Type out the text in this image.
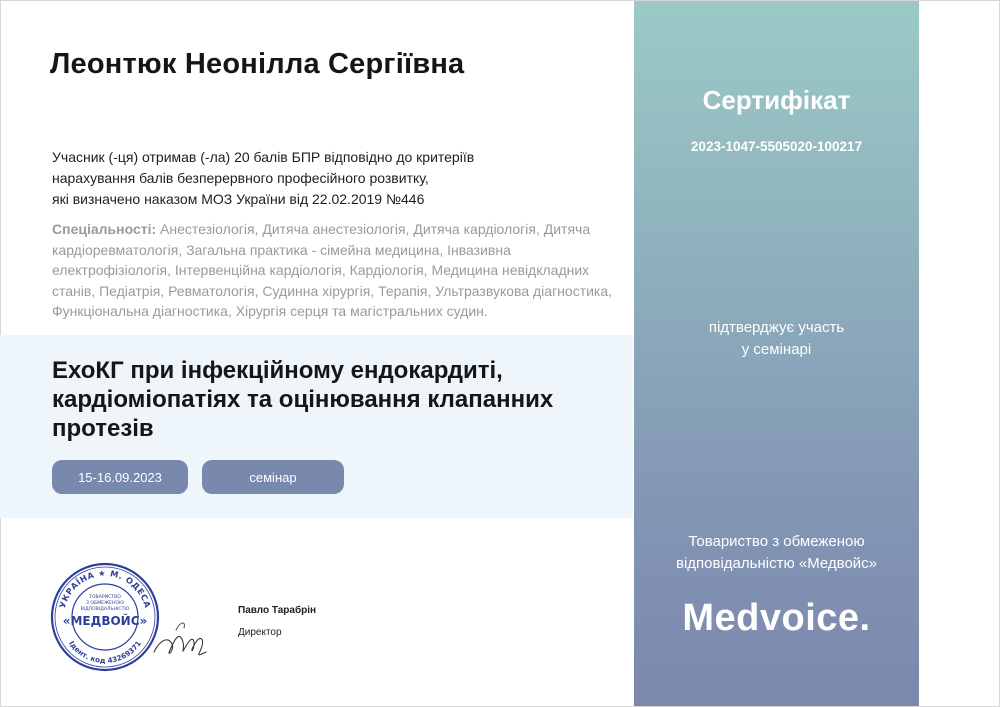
Леонтюк Неонілла Сергіївна
Учасник (-ця) отримав (-ла) 20 балів БПР відповідно до критеріїв
нарахування балів безперервного професійного розвитку,
які визначено наказом МОЗ України від 22.02.2019 №446
Спеціальності: Анестезіологія, Дитяча анестезіологія, Дитяча кардіологія, Дитяча кардіоревматологія, Загальна практика - сімейна медицина, Інвазивна електрофізіологія, Інтервенційна кардіологія, Кардіологія, Медицина невідкладних станів, Педіатрія, Ревматологія, Судинна хірургія, Терапія, Ультразвукова діагностика, Функціональна діагностика, Хірургія серця та магістральних судин.
ЕхоКГ при інфекційному ендокардиті, кардіоміопатіях та оцінювання клапанних протезів
15-16.09.2023	семінар
УКРАЇНА ★ М. ОДЕСА
Ідент. код 43269371
ТОВАРИСТВО
З ОБМЕЖЕНОЮ
ВІДПОВІДАЛЬНІСТЮ
«МЕДВОЙС»
Павло Тарабрін
Директор
Сертифікат
2023-1047-5505020-100217
підтверджує участь
у семінарі
Товариство з обмеженою
відповідальністю «Медвойс»
Medvoice.
